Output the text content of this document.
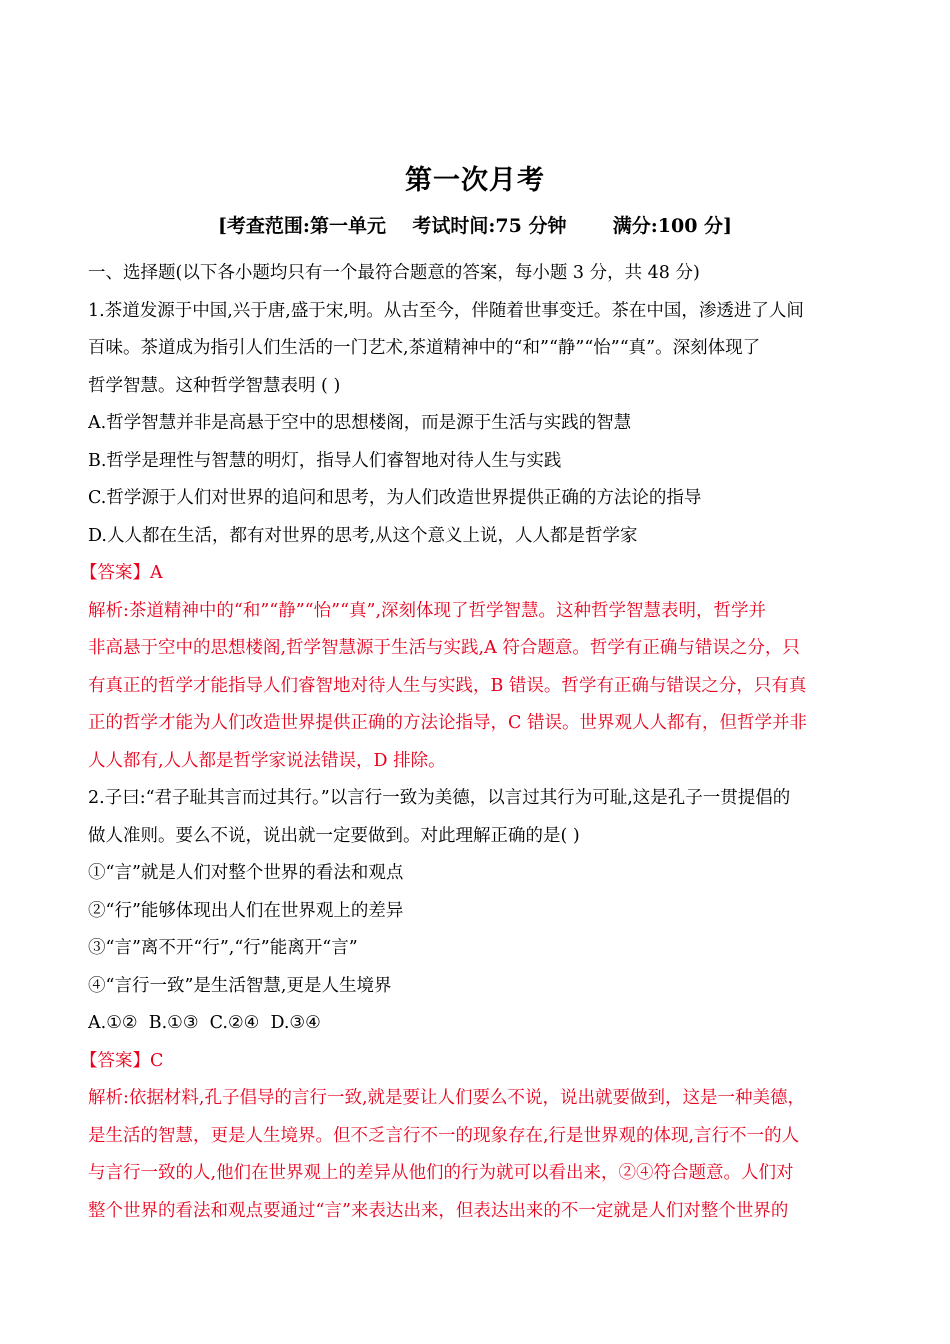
第一次月考
[考查范围:第一单元    考试时间:75 分钟       满分:100 分]
一、选择题(以下各小题均只有一个最符合题意的答案，每小题 3 分，共 48 分)
1.茶道发源于中国,兴于唐,盛于宋,明。从古至今，伴随着世事变迁。茶在中国，渗透进了人间
百味。茶道成为指引人们生活的一门艺术,茶道精神中的“和”“静”“怡”“真”。深刻体现了
哲学智慧。这种哲学智慧表明 ( )
A.哲学智慧并非是高悬于空中的思想楼阁，而是源于生活与实践的智慧
B.哲学是理性与智慧的明灯，指导人们睿智地对待人生与实践
C.哲学源于人们对世界的追问和思考，为人们改造世界提供正确的方法论的指导
D.人人都在生活，都有对世界的思考,从这个意义上说，人人都是哲学家
【答案】A
解析:茶道精神中的“和”“静”“怡”“真”,深刻体现了哲学智慧。这种哲学智慧表明，哲学并
非高悬于空中的思想楼阁,哲学智慧源于生活与实践,A 符合题意。哲学有正确与错误之分，只
有真正的哲学才能指导人们睿智地对待人生与实践，B 错误。哲学有正确与错误之分，只有真
正的哲学才能为人们改造世界提供正确的方法论指导，C 错误。世界观人人都有，但哲学并非
人人都有,人人都是哲学家说法错误，D 排除。
2.子曰:“君子耻其言而过其行。”以言行一致为美德，以言过其行为可耻,这是孔子一贯提倡的
做人准则。要么不说，说出就一定要做到。对此理解正确的是( )
①“言”就是人们对整个世界的看法和观点
②“行”能够体现出人们在世界观上的差异
③“言”离不开“行”,“行”能离开“言”
④“言行一致”是生活智慧,更是人生境界
A.①②  B.①③  C.②④  D.③④
【答案】C
解析:依据材料,孔子倡导的言行一致,就是要让人们要么不说，说出就要做到，这是一种美德，
是生活的智慧，更是人生境界。但不乏言行不一的现象存在,行是世界观的体现,言行不一的人
与言行一致的人,他们在世界观上的差异从他们的行为就可以看出来，②④符合题意。人们对
整个世界的看法和观点要通过“言”来表达出来，但表达出来的不一定就是人们对整个世界的
